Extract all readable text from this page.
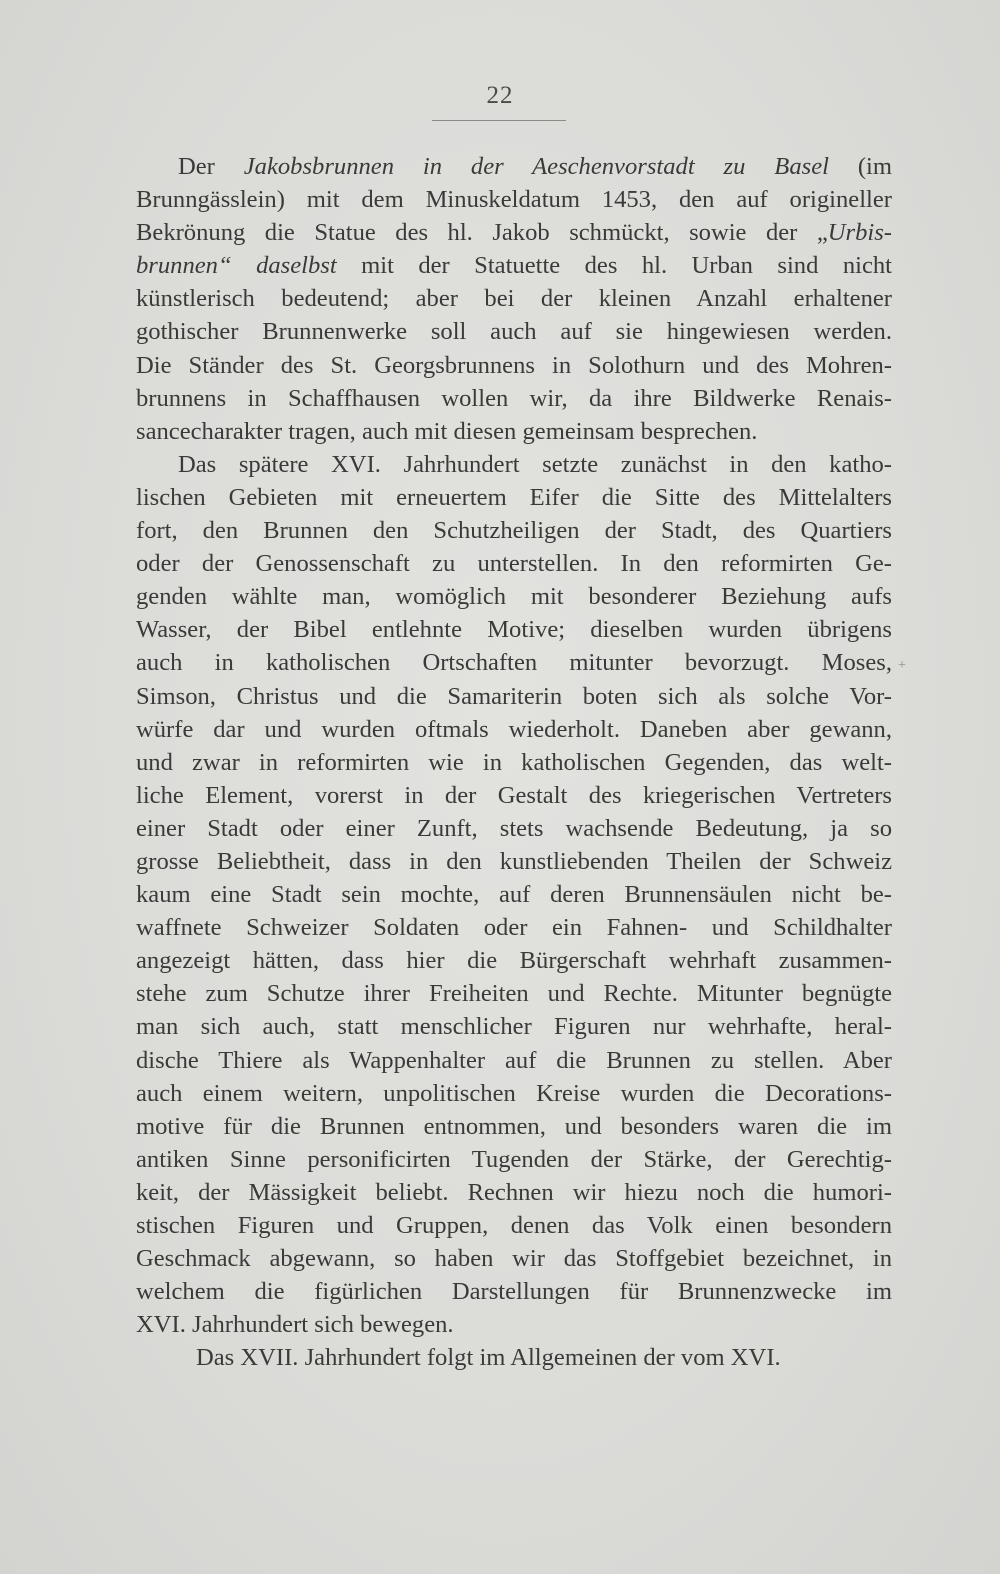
22
Der Jakobsbrunnen in der Aeschenvorstadt zu Basel (im
Brunngässlein) mit dem Minuskeldatum 1453, den auf origineller
Bekrönung die Statue des hl. Jakob schmückt, sowie der „Urbis-
brunnen“ daselbst mit der Statuette des hl. Urban sind nicht
künstlerisch bedeutend; aber bei der kleinen Anzahl erhaltener
gothischer Brunnenwerke soll auch auf sie hingewiesen werden.
Die Ständer des St. Georgsbrunnens in Solothurn und des Mohren-
brunnens in Schaffhausen wollen wir, da ihre Bildwerke Renais-
sancecharakter tragen, auch mit diesen gemeinsam besprechen.
Das spätere XVI. Jahrhundert setzte zunächst in den katho-
lischen Gebieten mit erneuertem Eifer die Sitte des Mittelalters
fort, den Brunnen den Schutzheiligen der Stadt, des Quartiers
oder der Genossenschaft zu unterstellen. In den reformirten Ge-
genden wählte man, womöglich mit besonderer Beziehung aufs
Wasser, der Bibel entlehnte Motive; dieselben wurden übrigens
auch in katholischen Ortschaften mitunter bevorzugt. Moses,
Simson, Christus und die Samariterin boten sich als solche Vor-
würfe dar und wurden oftmals wiederholt. Daneben aber gewann,
und zwar in reformirten wie in katholischen Gegenden, das welt-
liche Element, vorerst in der Gestalt des kriegerischen Vertreters
einer Stadt oder einer Zunft, stets wachsende Bedeutung, ja so
grosse Beliebtheit, dass in den kunstliebenden Theilen der Schweiz
kaum eine Stadt sein mochte, auf deren Brunnensäulen nicht be-
waffnete Schweizer Soldaten oder ein Fahnen- und Schildhalter
angezeigt hätten, dass hier die Bürgerschaft wehrhaft zusammen-
stehe zum Schutze ihrer Freiheiten und Rechte. Mitunter begnügte
man sich auch, statt menschlicher Figuren nur wehrhafte, heral-
dische Thiere als Wappenhalter auf die Brunnen zu stellen. Aber
auch einem weitern, unpolitischen Kreise wurden die Decorations-
motive für die Brunnen entnommen, und besonders waren die im
antiken Sinne personificirten Tugenden der Stärke, der Gerechtig-
keit, der Mässigkeit beliebt. Rechnen wir hiezu noch die humori-
stischen Figuren und Gruppen, denen das Volk einen besondern
Geschmack abgewann, so haben wir das Stoffgebiet bezeichnet, in
welchem die figürlichen Darstellungen für Brunnenzwecke im
XVI. Jahrhundert sich bewegen.
Das XVII. Jahrhundert folgt im Allgemeinen der vom XVI.
+
